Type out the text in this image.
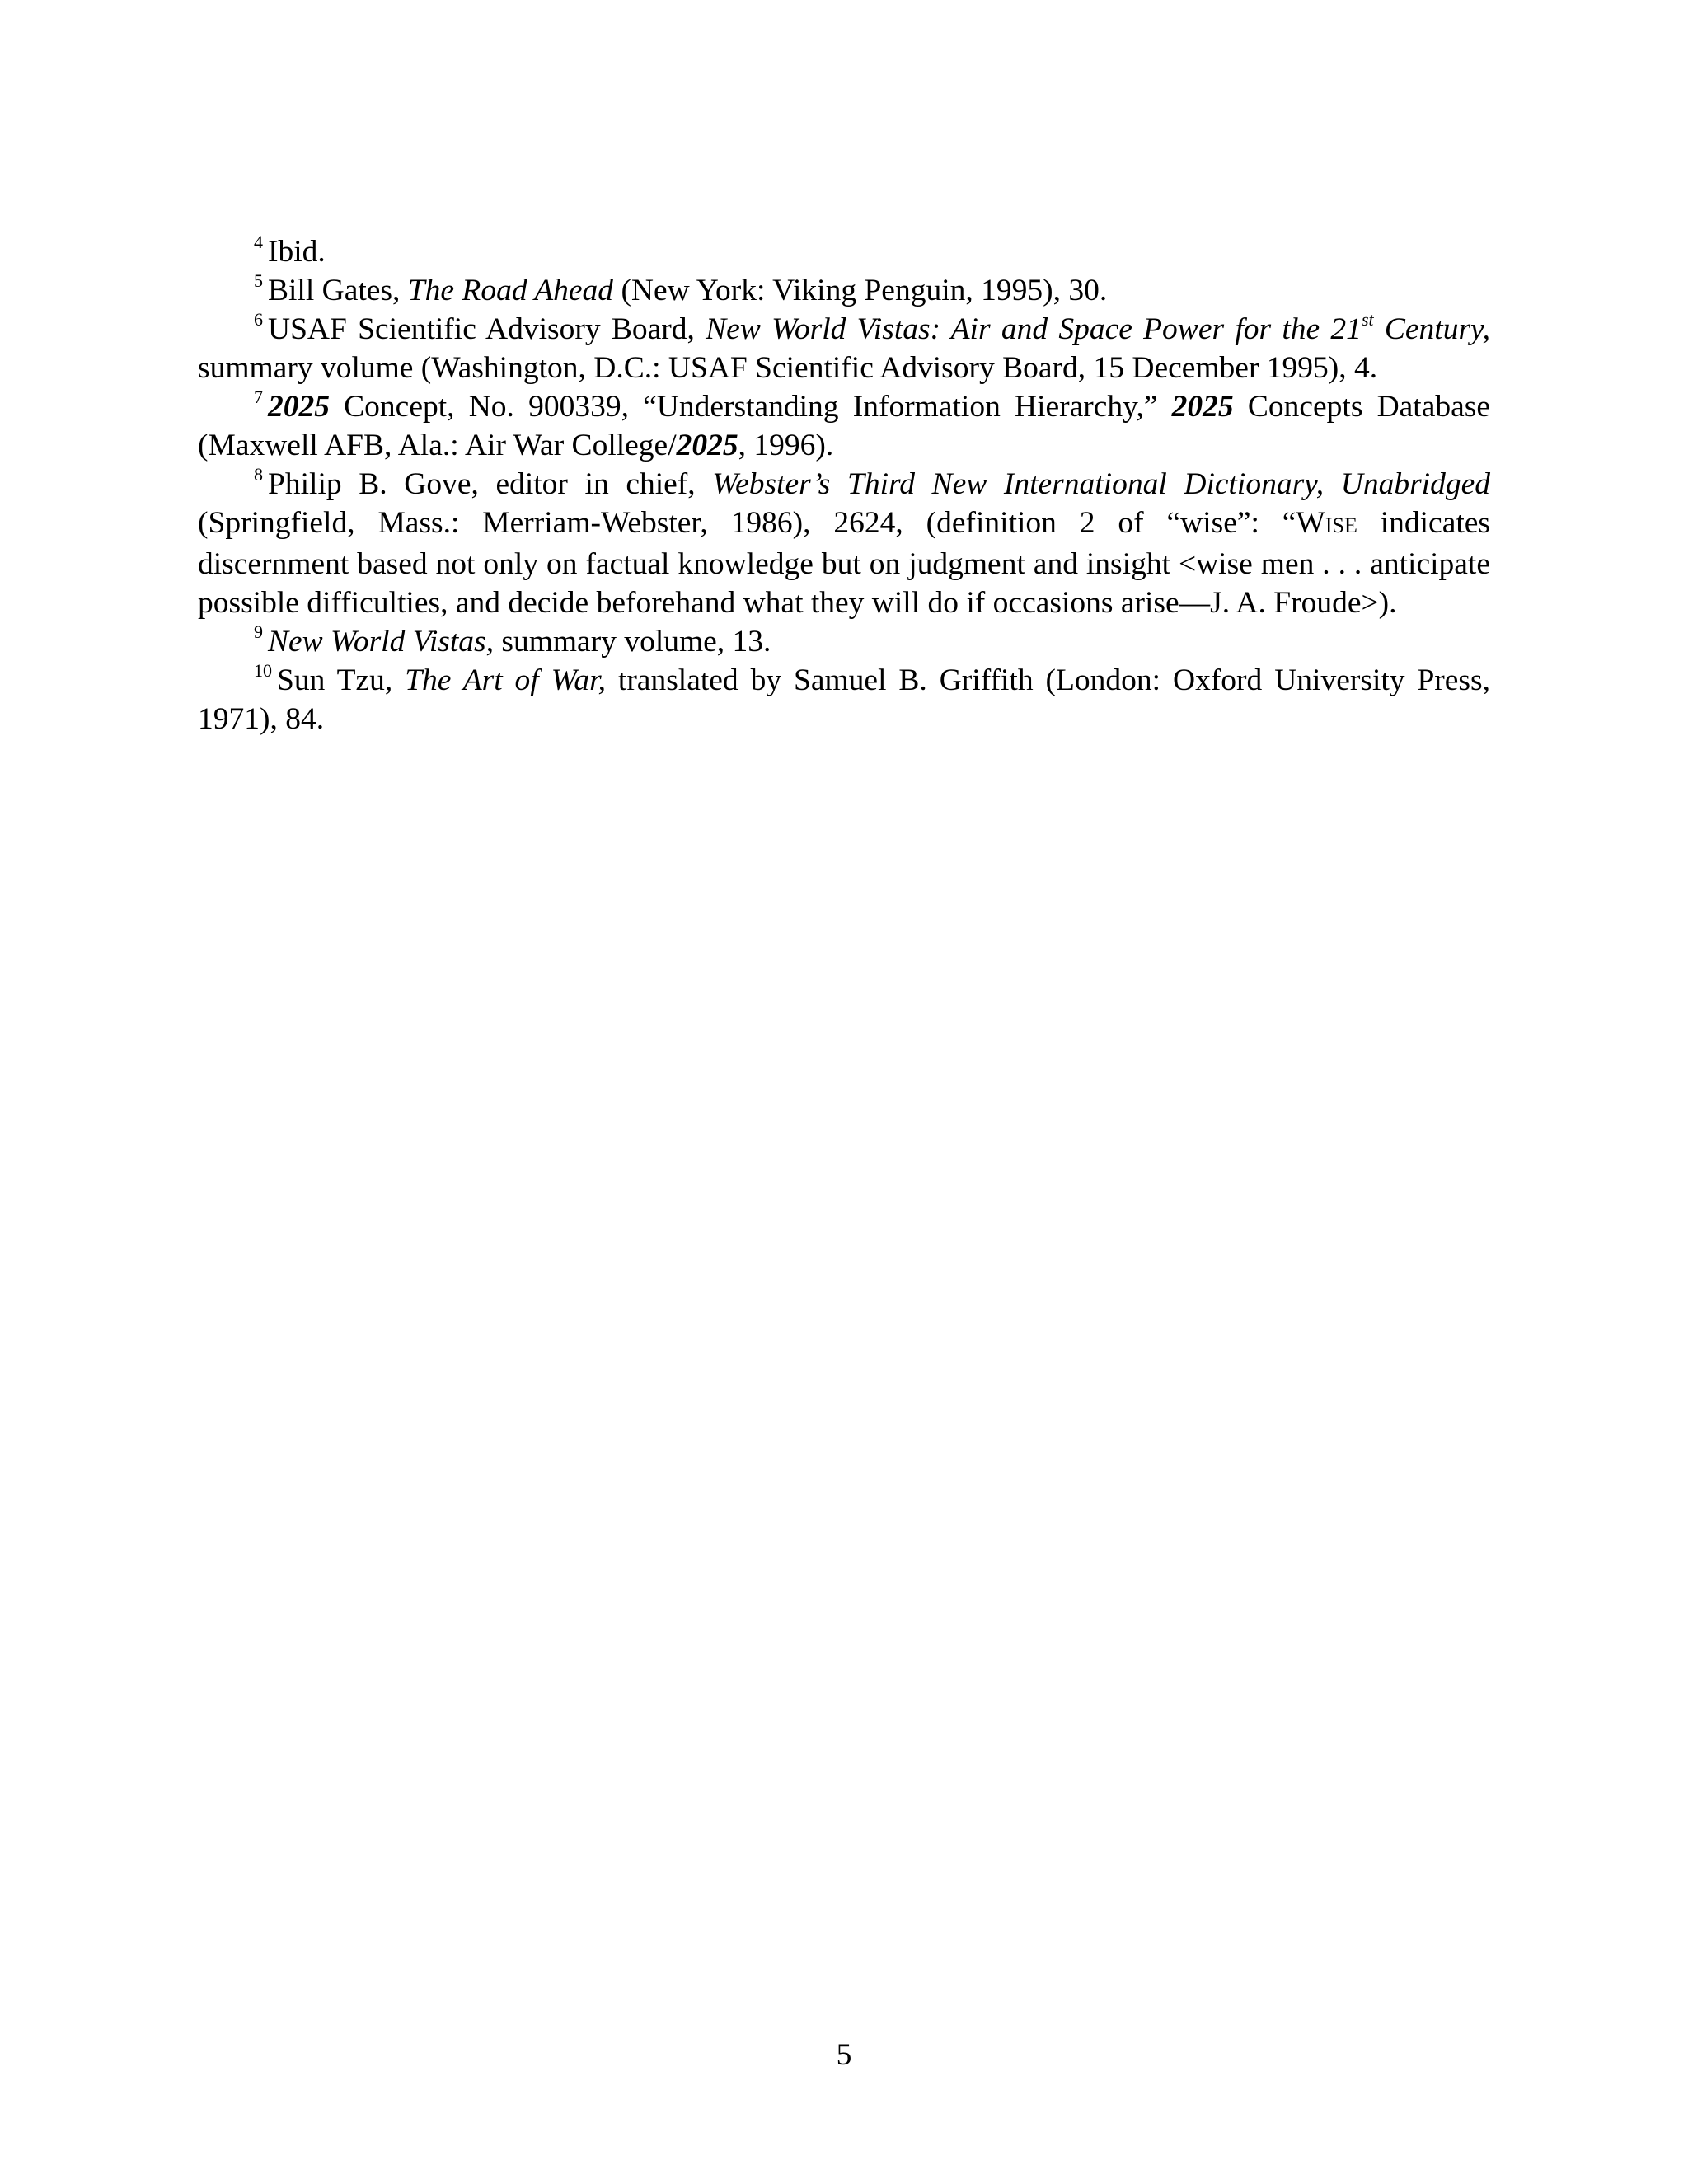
$^4$ Ibid.

$^5$ Bill Gates, The Road Ahead (New York: Viking Penguin, 1995), 30.

$^6$ USAF Scientific Advisory Board, New World Vistas: Air and Space Power for the 21st Century, summary volume (Washington, D.C.: USAF Scientific Advisory Board, 15 December 1995), 4.

$^7$ 2025 Concept, No. 900339, “Understanding Information Hierarchy,” 2025 Concepts Database (Maxwell AFB, Ala.: Air War College/2025, 1996).

$^8$ Philip B. Gove, editor in chief, Webster’s Third New International Dictionary, Unabridged (Springfield, Mass.: Merriam-Webster, 1986), 2624, (definition 2 of “wise”: “WISE indicates discernment based not only on factual knowledge but on judgment and insight <wise men . . . anticipate possible difficulties, and decide beforehand what they will do if occasions arise—J. A. Froude>).

$^9$ New World Vistas, summary volume, 13.

$^{10}$ Sun Tzu, The Art of War, translated by Samuel B. Griffith (London: Oxford University Press, 1971), 84.

5
